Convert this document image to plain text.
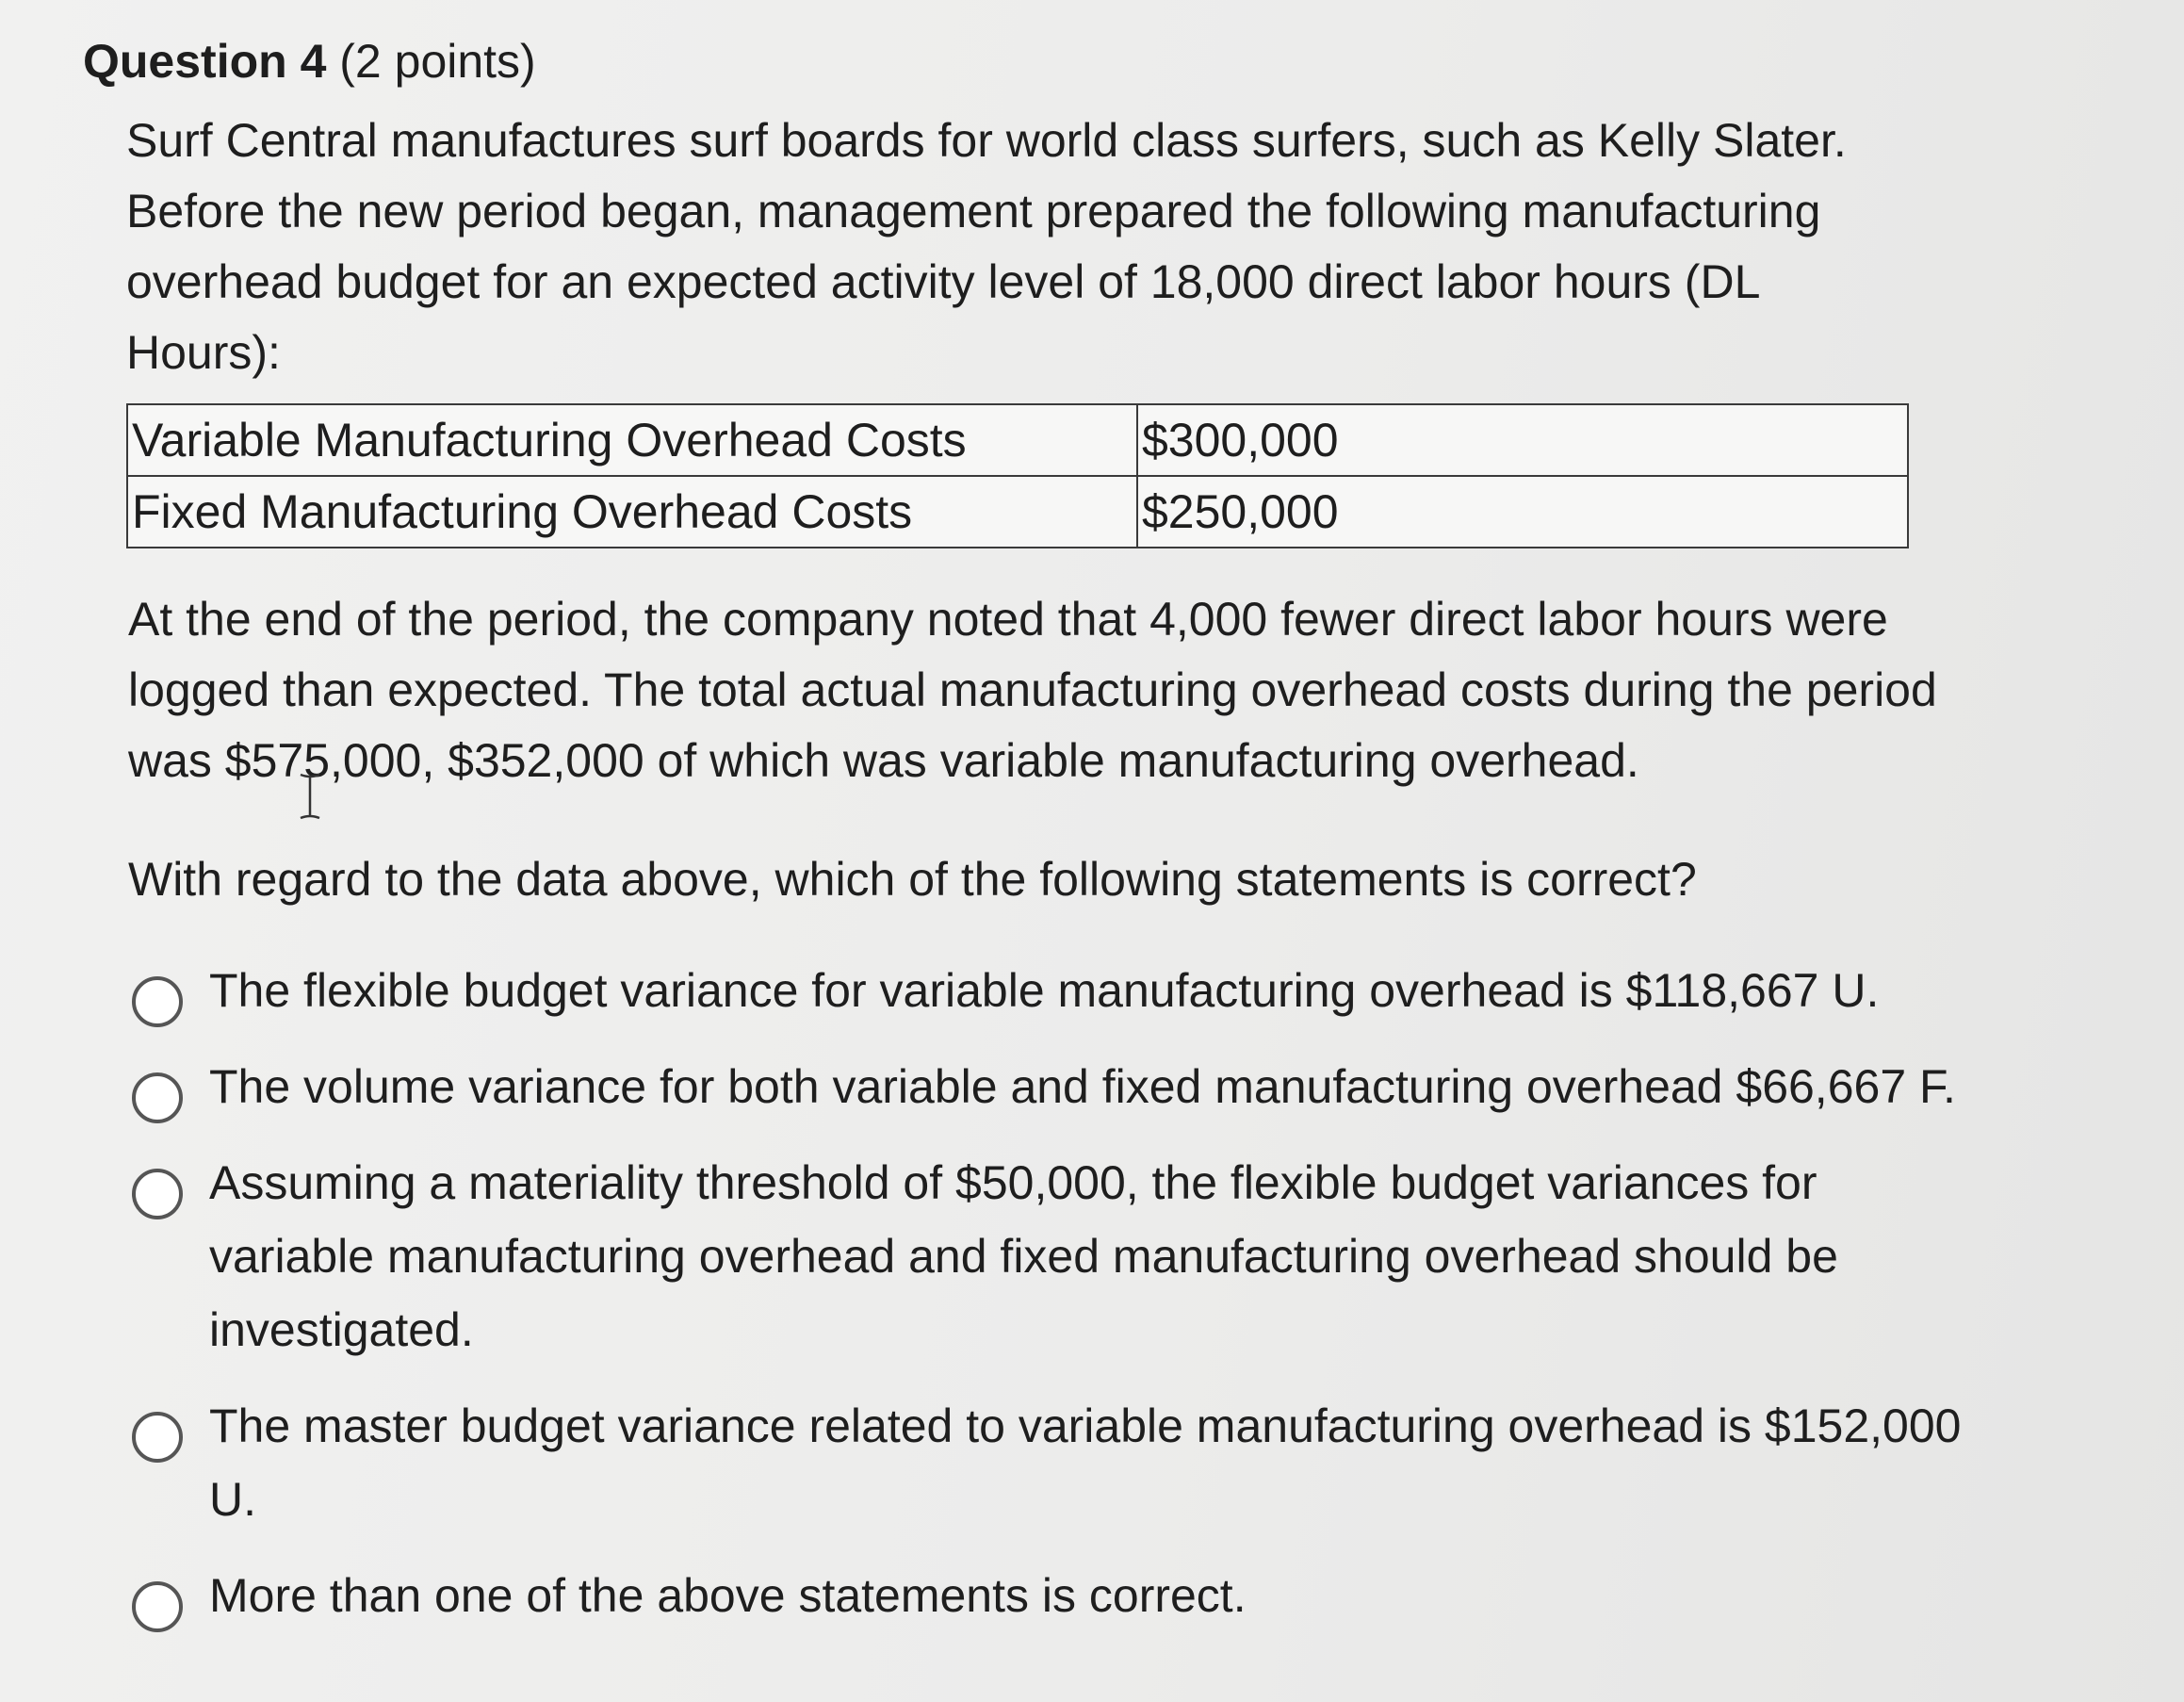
Question 4 (2 points)
Surf Central manufactures surf boards for world class surfers, such as Kelly Slater. Before the new period began, management prepared the following manufacturing overhead budget for an expected activity level of 18,000 direct labor hours (DL Hours):
Variable Manufacturing Overhead Costs	$300,000
Fixed Manufacturing Overhead Costs	$250,000
At the end of the period, the company noted that 4,000 fewer direct labor hours were logged than expected. The total actual manufacturing overhead costs during the period was $575,000, $352,000 of which was variable manufacturing overhead.
With regard to the data above, which of the following statements is correct?
The flexible budget variance for variable manufacturing overhead is $118,667 U.
The volume variance for both variable and fixed manufacturing overhead $66,667 F.
Assuming a materiality threshold of $50,000, the flexible budget variances for variable manufacturing overhead and fixed manufacturing overhead should be investigated.
The master budget variance related to variable manufacturing overhead is $152,000 U.
More than one of the above statements is correct.
